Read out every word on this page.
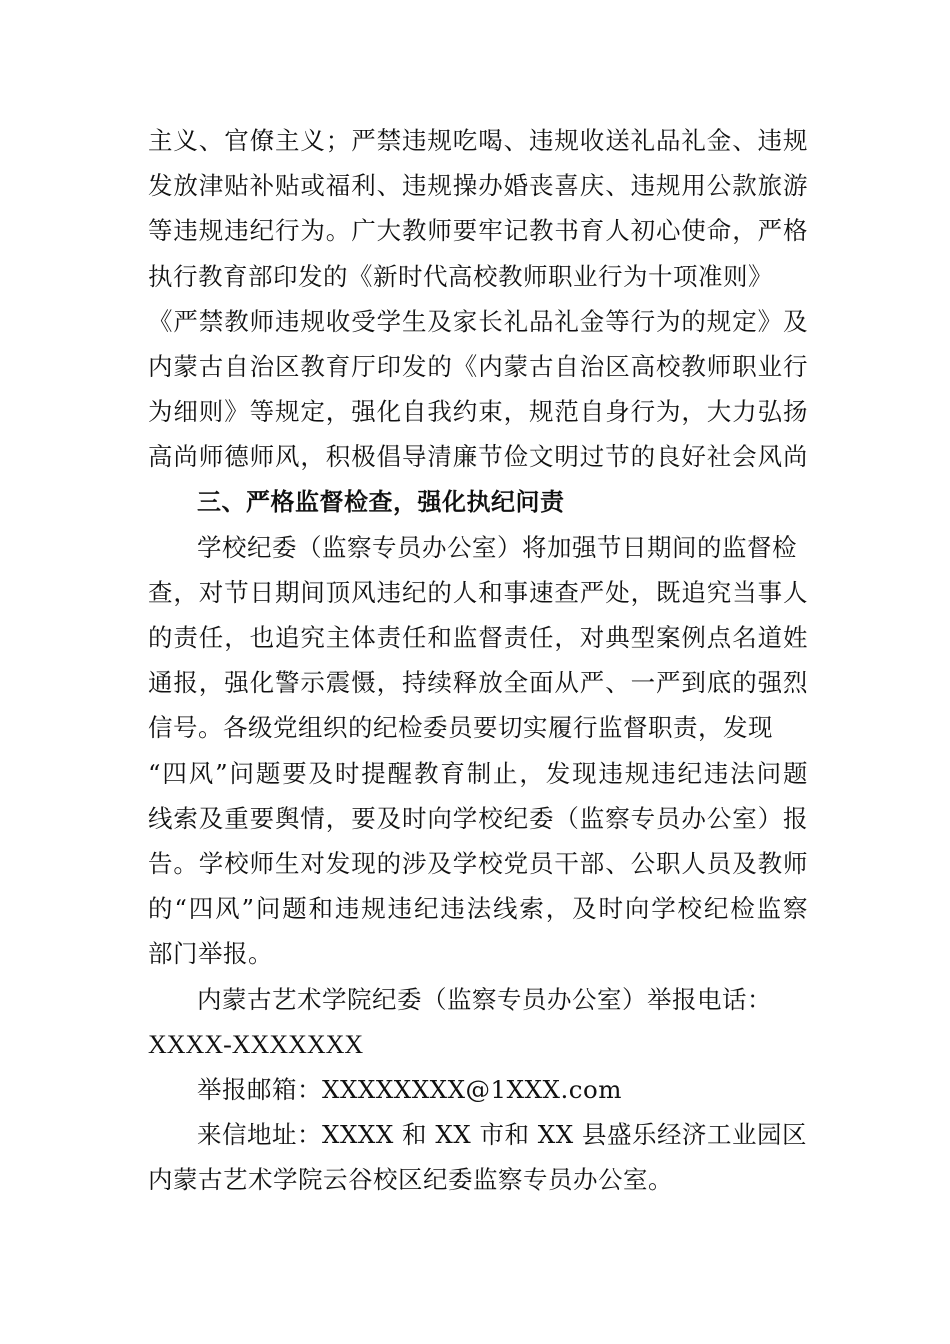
主义、官僚主义；严禁违规吃喝、违规收送礼品礼金、违规
发放津贴补贴或福利、违规操办婚丧喜庆、违规用公款旅游
等违规违纪行为。广大教师要牢记教书育人初心使命，严格
执行教育部印发的《新时代高校教师职业行为十项准则》
《严禁教师违规收受学生及家长礼品礼金等行为的规定》及
内蒙古自治区教育厅印发的《内蒙古自治区高校教师职业行
为细则》等规定，强化自我约束，规范自身行为，大力弘扬
高尚师德师风，积极倡导清廉节俭文明过节的良好社会风尚
三、严格监督检查，强化执纪问责
学校纪委（监察专员办公室）将加强节日期间的监督检
查，对节日期间顶风违纪的人和事速查严处，既追究当事人
的责任，也追究主体责任和监督责任，对典型案例点名道姓
通报，强化警示震慑，持续释放全面从严、一严到底的强烈
信号。各级党组织的纪检委员要切实履行监督职责，发现
“四风”问题要及时提醒教育制止，发现违规违纪违法问题
线索及重要舆情，要及时向学校纪委（监察专员办公室）报
告。学校师生对发现的涉及学校党员干部、公职人员及教师
的“四风”问题和违规违纪违法线索，及时向学校纪检监察
部门举报。
内蒙古艺术学院纪委（监察专员办公室）举报电话：
XXXX-XXXXXXX
举报邮箱：XXXXXXXX@1XXX.com
来信地址：XXXX 和 XX 市和 XX 县盛乐经济工业园区
内蒙古艺术学院云谷校区纪委监察专员办公室。
